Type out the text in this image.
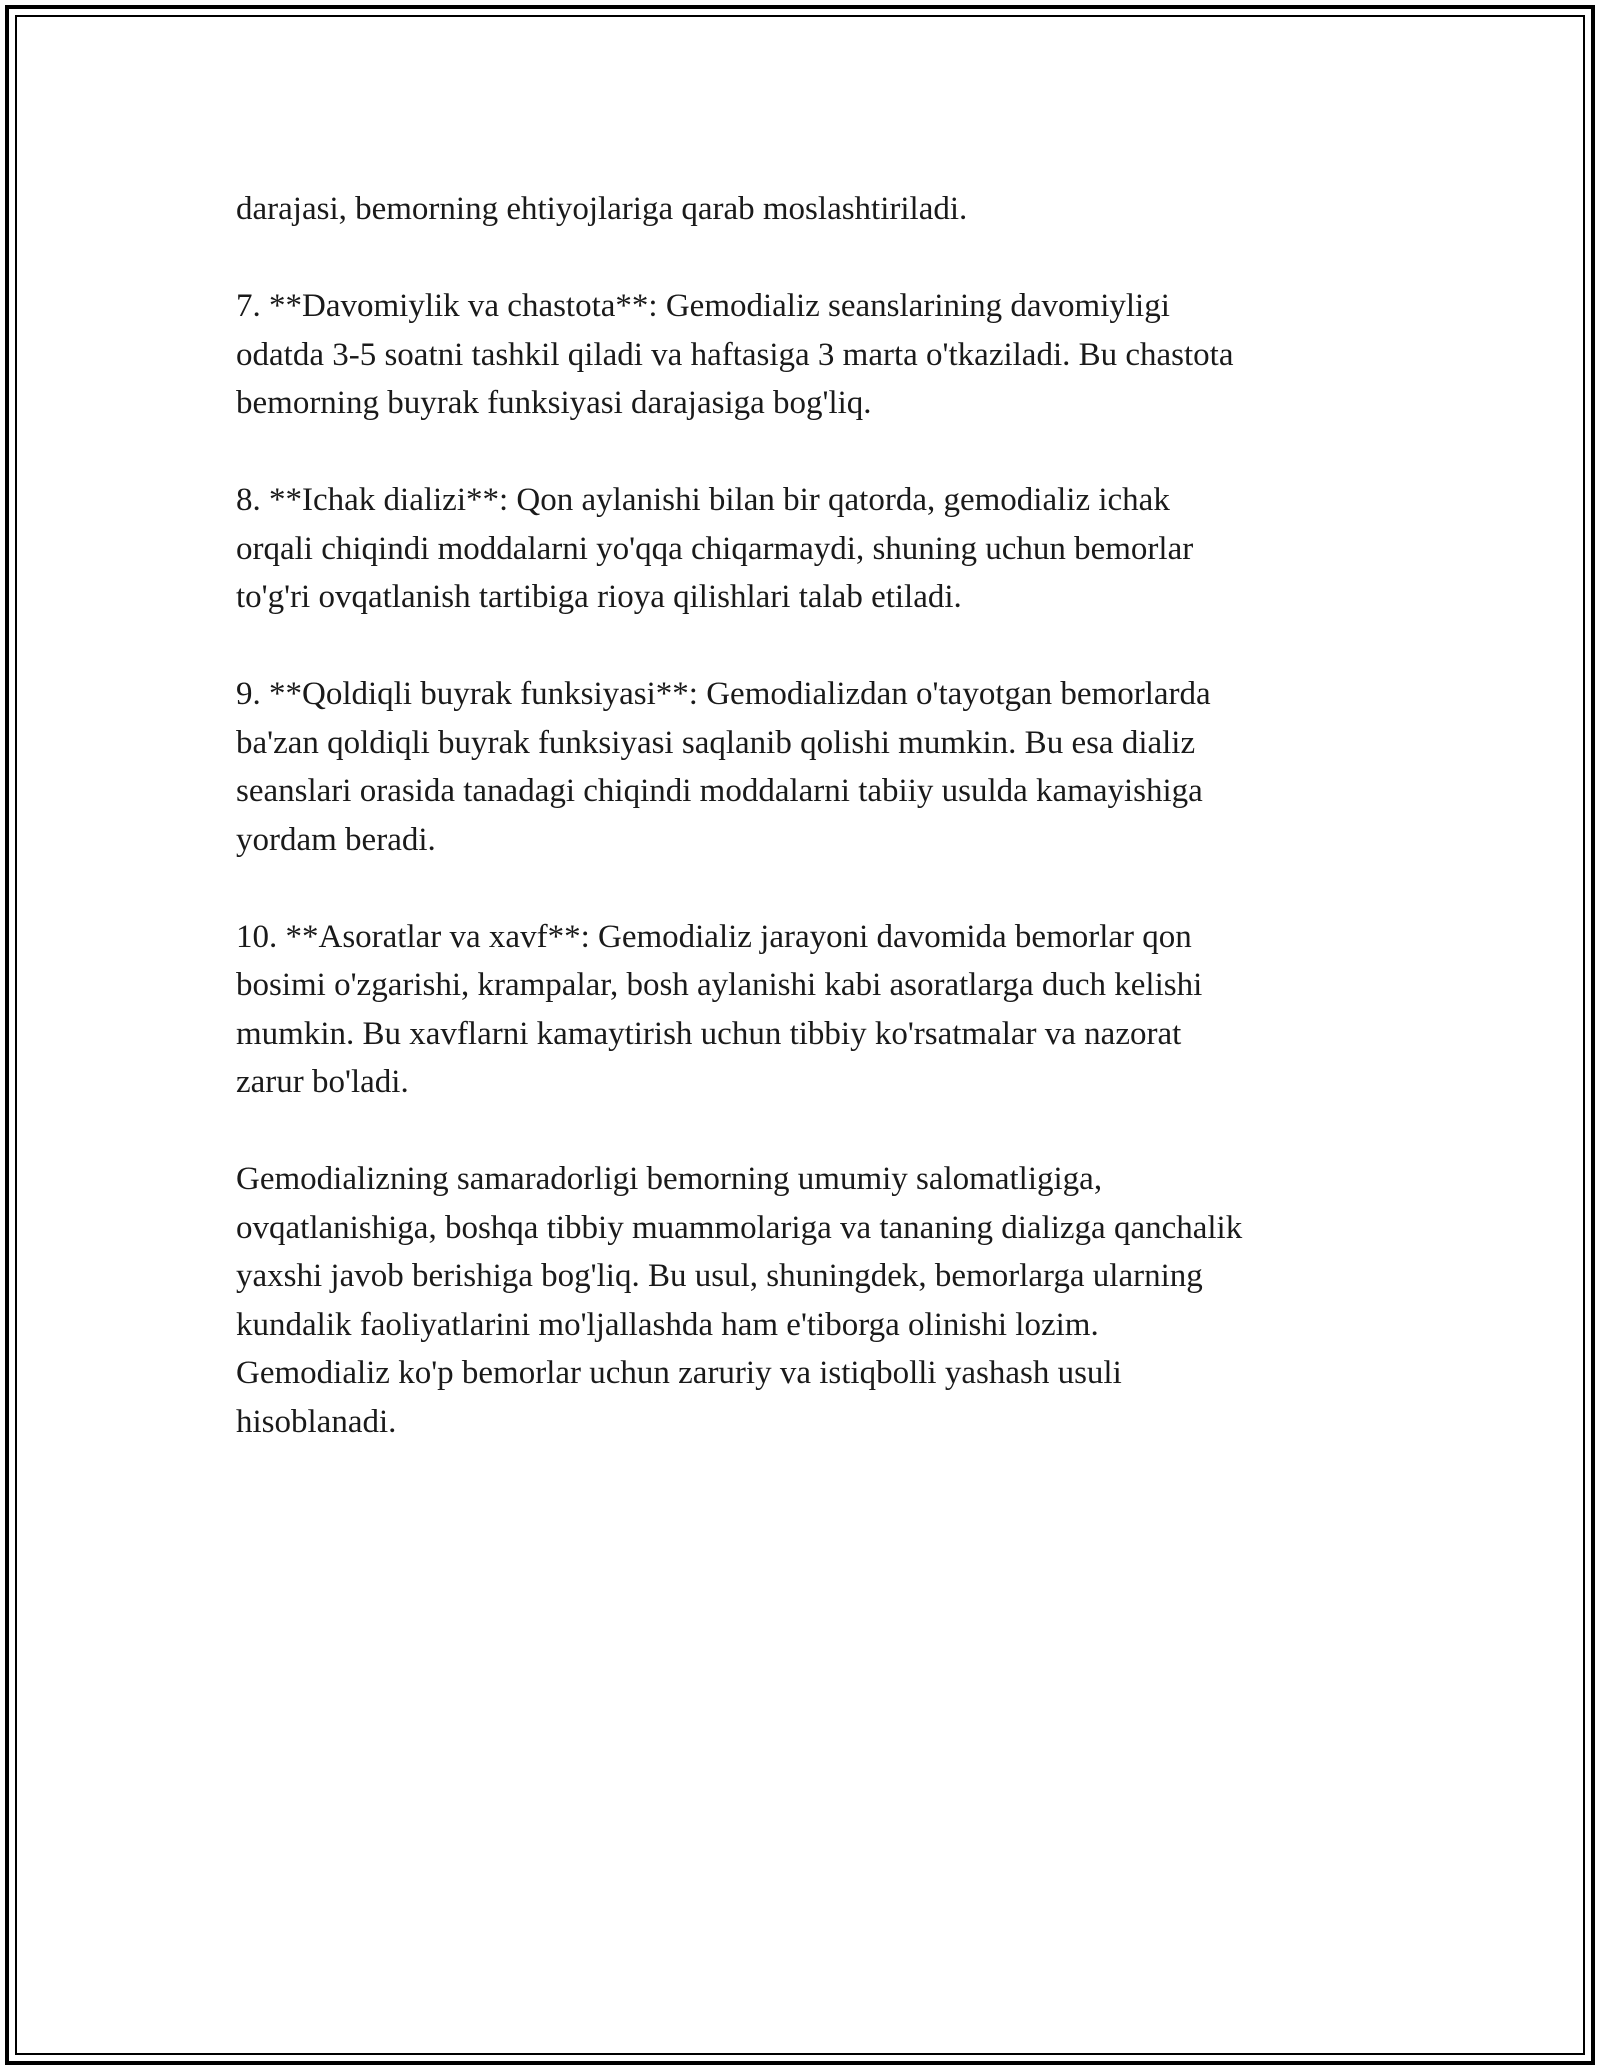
darajasi, bemorning ehtiyojlariga qarab moslashtiriladi.

7. **Davomiylik va chastota**: Gemodializ seanslarining davomiyligi
odatda 3-5 soatni tashkil qiladi va haftasiga 3 marta o'tkaziladi. Bu chastota
bemorning buyrak funksiyasi darajasiga bog'liq.

8. **Ichak dializi**: Qon aylanishi bilan bir qatorda, gemodializ ichak
orqali chiqindi moddalarni yo'qqa chiqarmaydi, shuning uchun bemorlar
to'g'ri ovqatlanish tartibiga rioya qilishlari talab etiladi.

9. **Qoldiqli buyrak funksiyasi**: Gemodializdan o'tayotgan bemorlarda
ba'zan qoldiqli buyrak funksiyasi saqlanib qolishi mumkin. Bu esa dializ
seanslari orasida tanadagi chiqindi moddalarni tabiiy usulda kamayishiga
yordam beradi.

10. **Asoratlar va xavf**: Gemodializ jarayoni davomida bemorlar qon
bosimi o'zgarishi, krampalar, bosh aylanishi kabi asoratlarga duch kelishi
mumkin. Bu xavflarni kamaytirish uchun tibbiy ko'rsatmalar va nazorat
zarur bo'ladi.

Gemodializning samaradorligi bemorning umumiy salomatligiga,
ovqatlanishiga, boshqa tibbiy muammolariga va tananing dializga qanchalik
yaxshi javob berishiga bog'liq. Bu usul, shuningdek, bemorlarga ularning
kundalik faoliyatlarini mo'ljallashda ham e'tiborga olinishi lozim.
Gemodializ ko'p bemorlar uchun zaruriy va istiqbolli yashash usuli
hisoblanadi.
